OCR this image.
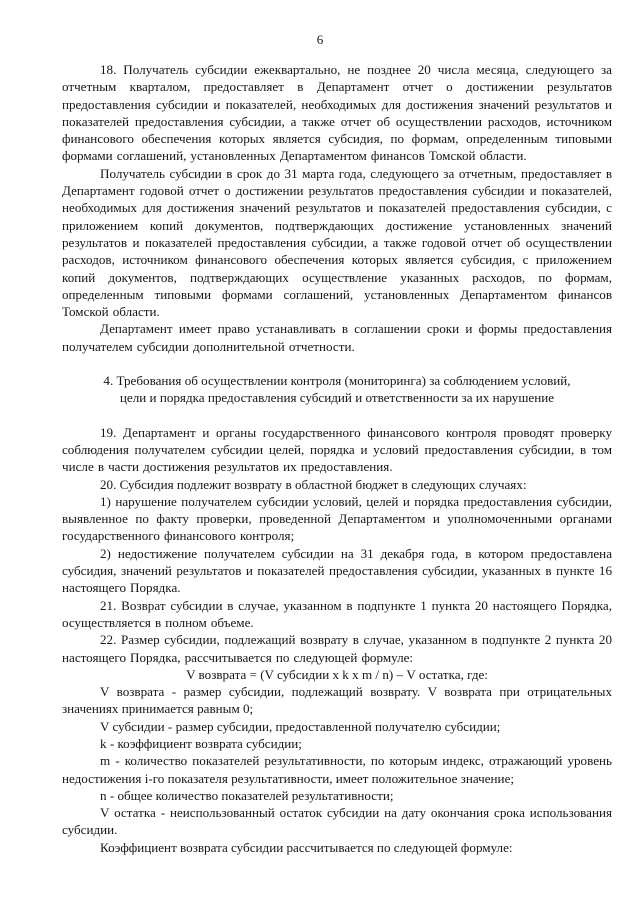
6

18. Получатель субсидии ежеквартально, не позднее 20 числа месяца, следующего за отчетным кварталом, предоставляет в Департамент отчет о достижении результатов предоставления субсидии и показателей, необходимых для достижения значений результатов и показателей предоставления субсидии, а также отчет об осуществлении расходов, источником финансового обеспечения которых является субсидия, по формам, определенным типовыми формами соглашений, установленных Департаментом финансов Томской области.

Получатель субсидии в срок до 31 марта года, следующего за отчетным, предоставляет в Департамент годовой отчет о достижении результатов предоставления субсидии и показателей, необходимых для достижения значений результатов и показателей предоставления субсидии, с приложением копий документов, подтверждающих достижение установленных значений результатов и показателей предоставления субсидии, а также годовой отчет об осуществлении расходов, источником финансового обеспечения которых является субсидия, с приложением копий документов, подтверждающих осуществление указанных расходов, по формам, определенным типовыми формами соглашений, установленных Департаментом финансов Томской области.

Департамент имеет право устанавливать в соглашении сроки и формы предоставления получателем субсидии дополнительной отчетности.

4. Требования об осуществлении контроля (мониторинга) за соблюдением условий,
цели и порядка предоставления субсидий и ответственности за их нарушение

19. Департамент и органы государственного финансового контроля проводят проверку соблюдения получателем субсидии целей, порядка и условий предоставления субсидии, в том числе в части достижения результатов их предоставления.

20. Субсидия подлежит возврату в областной бюджет в следующих случаях:

1) нарушение получателем субсидии условий, целей и порядка предоставления субсидии, выявленное по факту проверки, проведенной Департаментом и уполномоченными органами государственного финансового контроля;

2) недостижение получателем субсидии на 31 декабря года, в котором предоставлена субсидия, значений результатов и показателей предоставления субсидии, указанных в пункте 16 настоящего Порядка.

21. Возврат субсидии в случае, указанном в подпункте 1 пункта 20 настоящего Порядка, осуществляется в полном объеме.

22. Размер субсидии, подлежащий возврату в случае, указанном в подпункте 2 пункта 20 настоящего Порядка, рассчитывается по следующей формуле:

V возврата = (V субсидии x k x m / n) – V остатка, где:

V возврата - размер субсидии, подлежащий возврату. V возврата при отрицательных значениях принимается равным 0;

V субсидии - размер субсидии, предоставленной получателю субсидии;

k - коэффициент возврата субсидии;

m - количество показателей результативности, по которым индекс, отражающий уровень недостижения i-го показателя результативности, имеет положительное значение;

n - общее количество показателей результативности;

V остатка - неиспользованный остаток субсидии на дату окончания срока использования субсидии.

Коэффициент возврата субсидии рассчитывается по следующей формуле:
